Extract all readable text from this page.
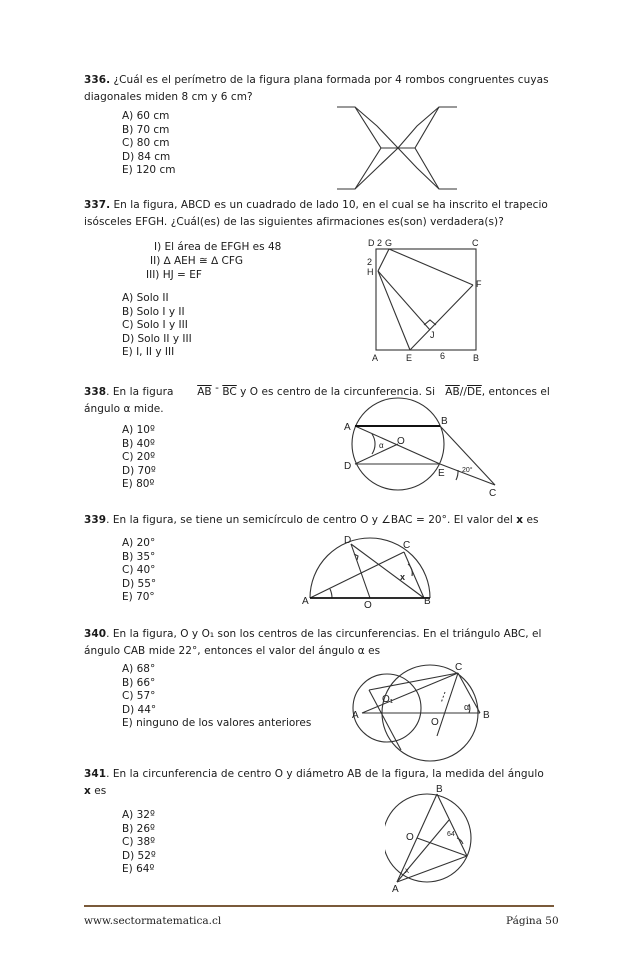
336. ¿Cuál es el perímetro de la figura plana formada por 4 rombos congruentes cuyas diagonales miden 8 cm y 6 cm?
A) 60 cm
B) 70 cm
C) 80 cm
D) 84 cm
E) 120 cm
337. En la figura, ABCD es un cuadrado de lado 10, en el cual se ha inscrito el trapecio isósceles EFGH. ¿Cuál(es) de las siguientes afirmaciones es(son) verdadera(s)?
I) El área de EFGH es 48
II) ∆ AEH ≅ ∆ CFG
III) HJ = EF
A) Solo II
B) Solo I y II
C) Solo I y III
D) Solo II y III
E) I, II y III
D 2 G	C
2
H
F
J
A	E	6	B
338. En la figura $\overline{AB} - \overline{BC}$ y O es centro de la circunferencia. Si $\overline{AB}//\overline{DE}$, entonces el ángulo α mide.
A) 10º
B) 40º
C) 20º
D) 70º
E) 80º
A
B
O
α
D
E 20°
C
339. En la figura, se tiene un semicírculo de centro O y ∠BAC = 20°. El valor del x es
A) 20°
B) 35°
C) 40°
D) 55°
E) 70°
D	C
x
A	O	B
340. En la figura, O y O₁ son los centros de las circunferencias. En el triángulo ABC, el ángulo CAB mide 22°, entonces el valor del ángulo α es
A) 68°
B) 66°
C) 57°
D) 44°
E) ninguno de los valores anteriores
C
O₁
α
A
O
B
341. En la circunferencia de centro O y diámetro AB de la figura, la medida del ángulo
x es
A) 32º
B) 26º
C) 38º
D) 52º
E) 64º
B
O	64
x
A
www.sectormatematica.cl	Página 50
